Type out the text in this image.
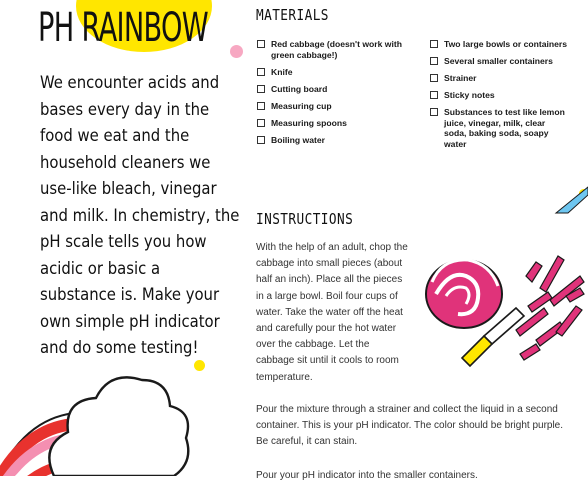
PH RAINBOW

We encounter acids and bases every day in the food we eat and the household cleaners we use-like bleach, vinegar and milk. In chemistry, the pH scale tells you how acidic or basic a substance is. Make your own simple pH indicator and do some testing!

MATERIALS
Red cabbage (doesn't work with green cabbage!)
Knife
Cutting board
Measuring cup
Measuring spoons
Boiling water
Two large bowls or containers
Several smaller containers
Strainer
Sticky notes
Substances to test like lemon juice, vinegar, milk, clear soda, baking soda, soapy water
INSTRUCTIONS

With the help of an adult, chop the cabbage into small pieces (about half an inch). Place all the pieces in a large bowl. Boil four cups of water. Take the water off the heat and carefully pour the hot water over the cabbage. Let the cabbage sit until it cools to room temperature.

Pour the mixture through a strainer and collect the liquid in a second container. This is your pH indicator. The color should be bright purple. Be careful, it can stain.

Pour your pH indicator into the smaller containers.
